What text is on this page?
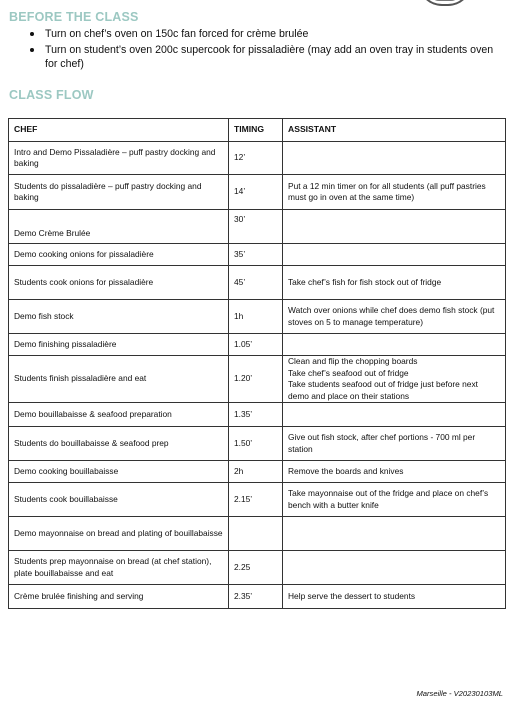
BEFORE THE CLASS
Turn on chef’s oven on 150c fan forced for crème brulée
Turn on student’s oven 200c supercook for pissaladière (may add an oven tray in students oven for chef)
CLASS FLOW
CHEF	TIMING	ASSISTANT
Intro and Demo Pissaladière – puff pastry docking and baking	12’	
Students do pissaladière – puff pastry docking and baking	14’	Put a 12 min timer on for all students (all puff pastries must go in oven at the same time)
Demo Crème Brulée	30’	
Demo cooking onions for pissaladière	35’	
Students cook onions for pissaladière	45’	Take chef’s fish for fish stock out of fridge
Demo fish stock	1h	Watch over onions while chef does demo fish stock (put stoves on 5 to manage temperature)
Demo finishing pissaladière	1.05’	
Students finish pissaladière and eat	1.20’	Clean and flip the chopping boards
Take chef’s seafood out of fridge
Take students seafood out of fridge just before next demo and place on their stations
Demo bouillabaisse & seafood preparation	1.35’	
Students do bouillabaisse & seafood prep	1.50’	Give out fish stock, after chef portions - 700 ml per station
Demo cooking bouillabaisse	2h	Remove the boards and knives
Students cook bouillabaisse	2.15’	Take mayonnaise out of the fridge and place on chef’s bench with a butter knife
Demo mayonnaise on bread and plating of bouillabaisse		
Students prep mayonnaise on bread (at chef station), plate bouillabaisse and eat	2.25	
Crème brulée finishing and serving	2.35’	Help serve the dessert to students
Marseille - V20230103ML
